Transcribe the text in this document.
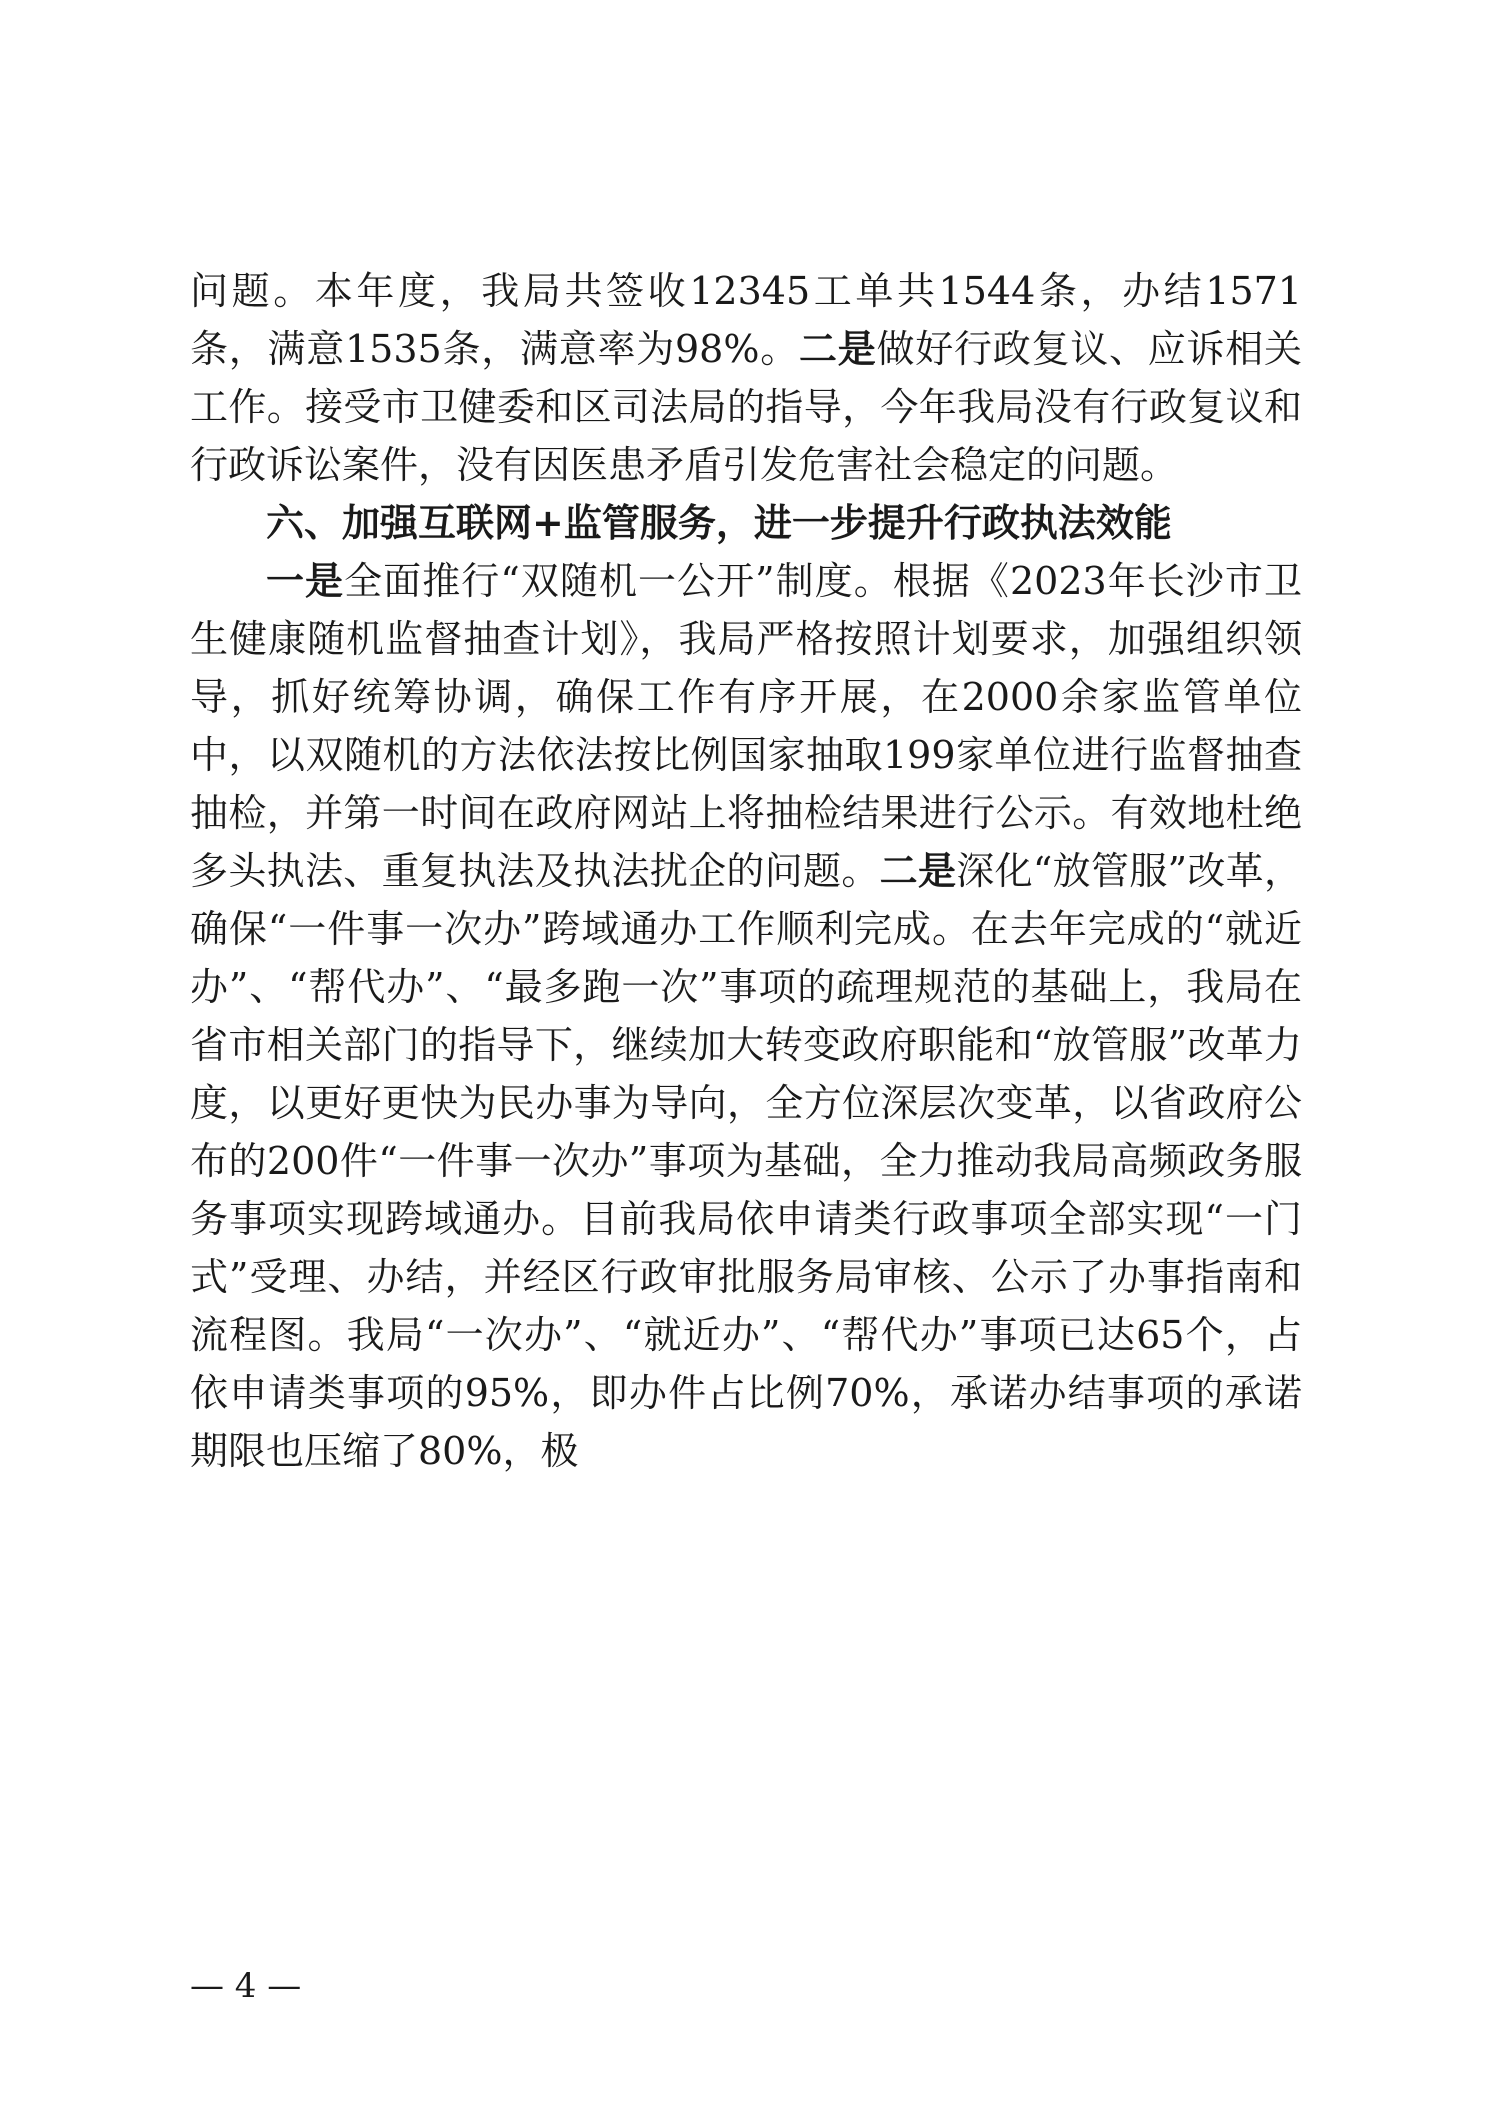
问题。本年度，我局共签收12345工单共1544条，办结1571条，满意1535条，满意率为98%。二是做好行政复议、应诉相关工作。接受市卫健委和区司法局的指导，今年我局没有行政复议和行政诉讼案件，没有因医患矛盾引发危害社会稳定的问题。

六、加强互联网+监管服务，进一步提升行政执法效能

一是全面推行“双随机一公开”制度。根据《2023年长沙市卫生健康随机监督抽查计划》，我局严格按照计划要求，加强组织领导，抓好统筹协调，确保工作有序开展，在2000余家监管单位中，以双随机的方法依法按比例国家抽取199家单位进行监督抽查抽检，并第一时间在政府网站上将抽检结果进行公示。有效地杜绝多头执法、重复执法及执法扰企的问题。二是深化“放管服”改革，确保“一件事一次办”跨域通办工作顺利完成。在去年完成的“就近办”、“帮代办”、“最多跑一次”事项的疏理规范的基础上，我局在省市相关部门的指导下，继续加大转变政府职能和“放管服”改革力度，以更好更快为民办事为导向，全方位深层次变革，以省政府公布的200件“一件事一次办”事项为基础，全力推动我局高频政务服务事项实现跨域通办。目前我局依申请类行政事项全部实现“一门式”受理、办结，并经区行政审批服务局审核、公示了办事指南和流程图。我局“一次办”、“就近办”、“帮代办”事项已达65个，占依申请类事项的95%，即办件占比例70%，承诺办结事项的承诺期限也压缩了80%，极

— 4 —
